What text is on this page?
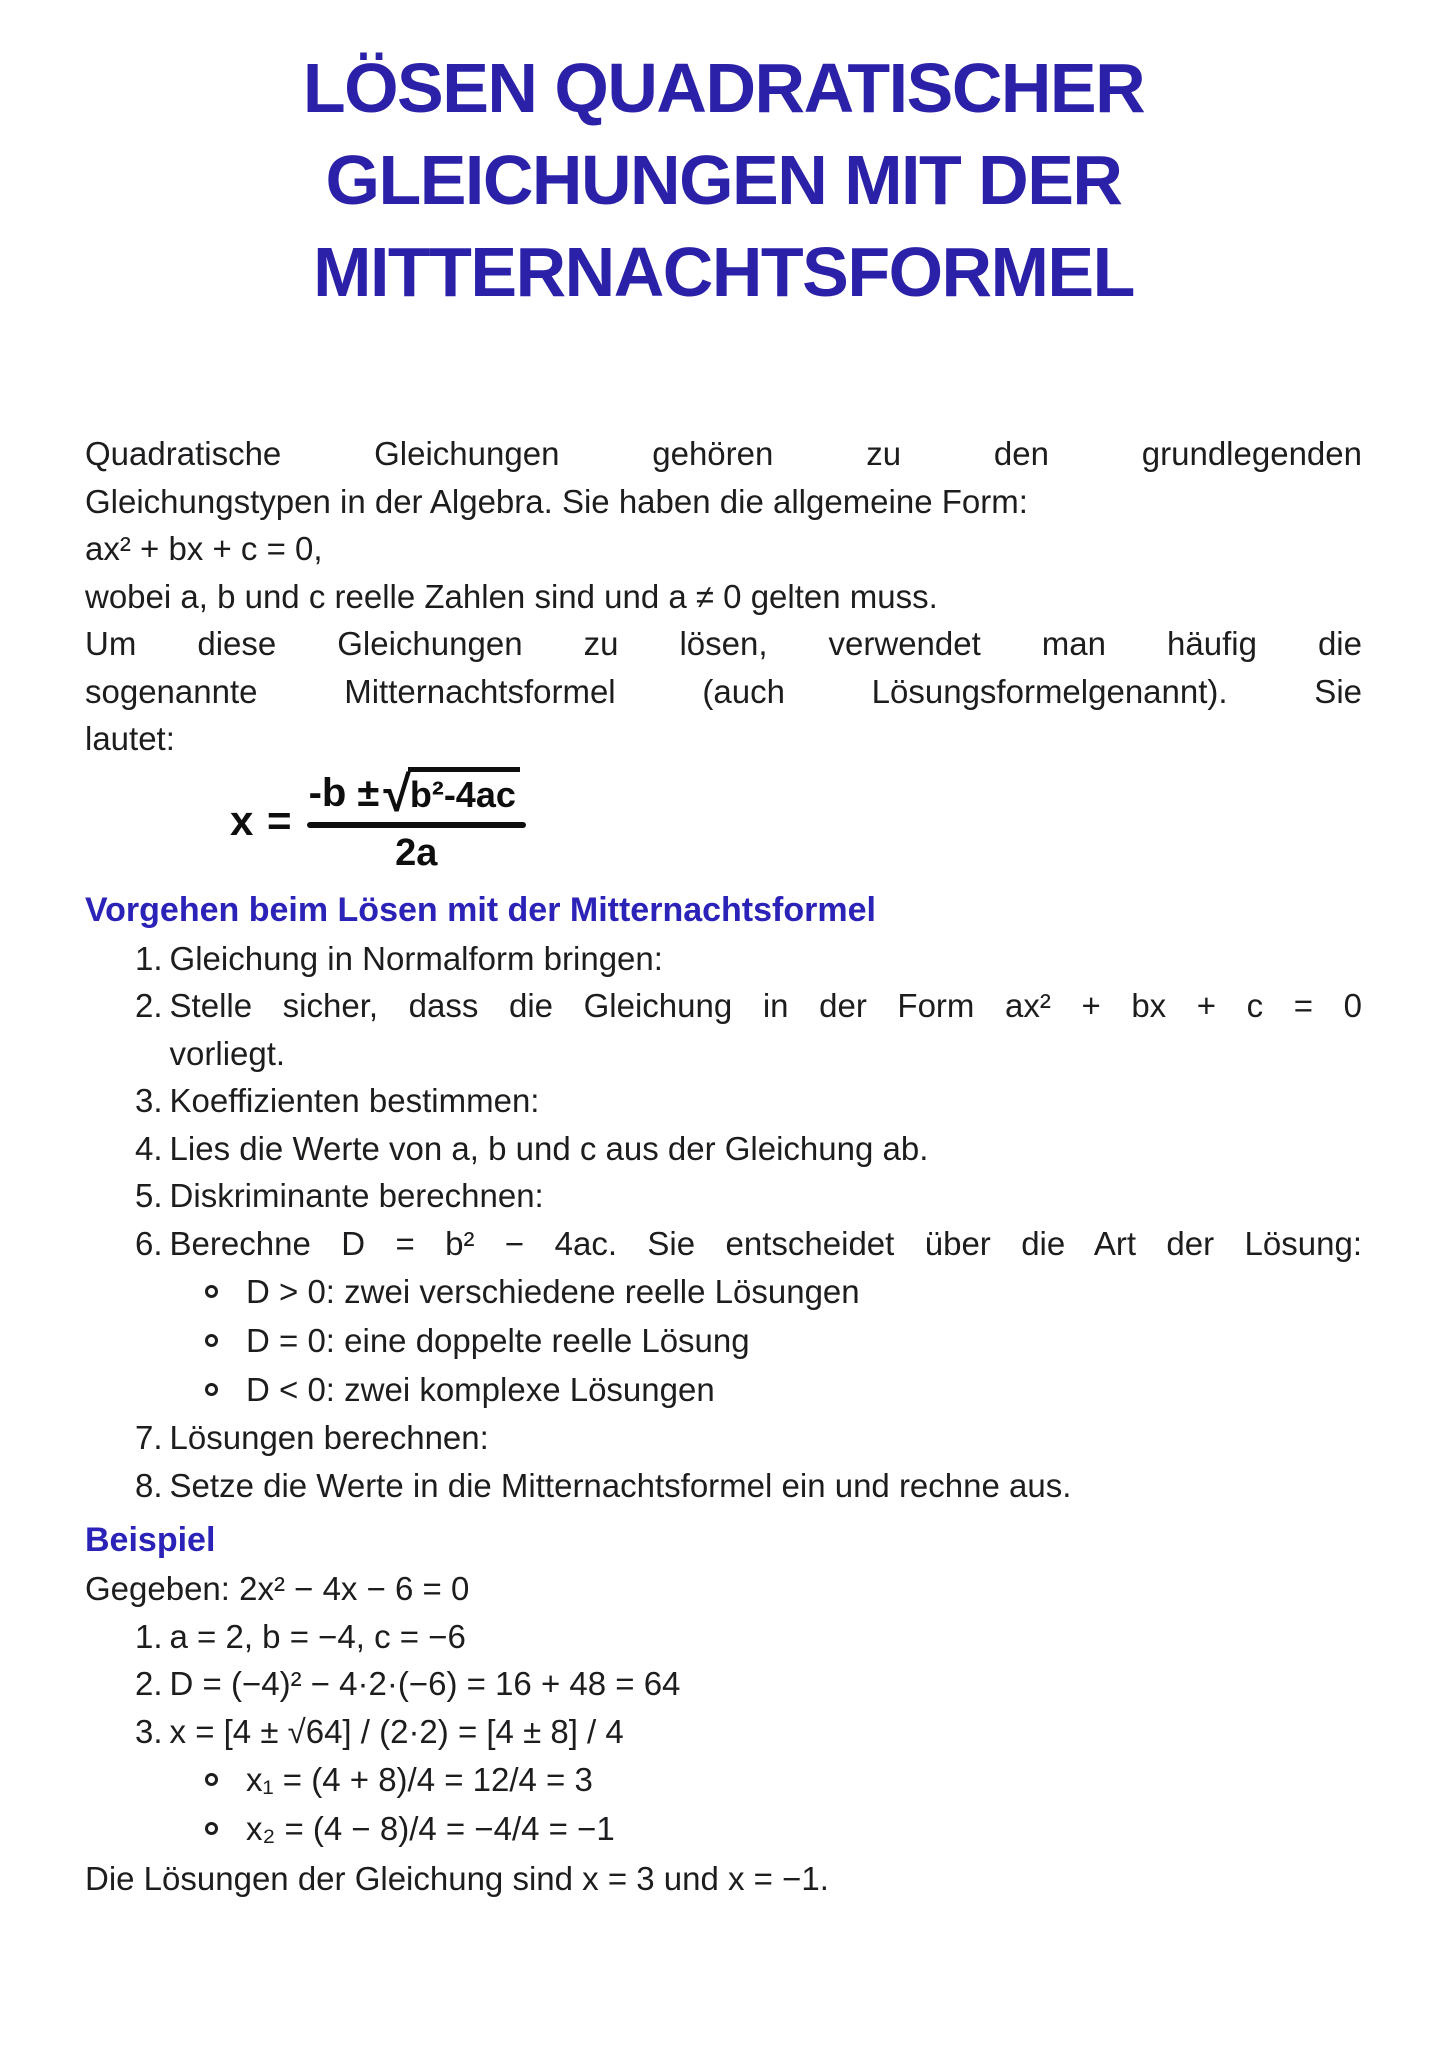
LÖSEN QUADRATISCHER
GLEICHUNGEN MIT DER
MITTERNACHTSFORMEL
Quadratische Gleichungen gehören zu den grundlegenden
Gleichungstypen in der Algebra. Sie haben die allgemeine Form:
ax² + bx + c = 0,
wobei a, b und c reelle Zahlen sind und a ≠ 0 gelten muss.
Um diese Gleichungen zu lösen, verwendet man häufig die
sogenannte Mitternachtsformel (auch Lösungsformelgenannt). Sie
lautet:
x =
-b ± √ b²-4ac
2a
Vorgehen beim Lösen mit der Mitternachtsformel
1. Gleichung in Normalform bringen:
2. Stelle sicher, dass die Gleichung in der Form ax² + bx + c = 0
vorliegt.
3. Koeffizienten bestimmen:
4. Lies die Werte von a, b und c aus der Gleichung ab.
5. Diskriminante berechnen:
6. Berechne D = b² − 4ac. Sie entscheidet über die Art der Lösung:
D > 0: zwei verschiedene reelle Lösungen
D = 0: eine doppelte reelle Lösung
D < 0: zwei komplexe Lösungen
7. Lösungen berechnen:
8. Setze die Werte in die Mitternachtsformel ein und rechne aus.
Beispiel
Gegeben: 2x² − 4x − 6 = 0
1. a = 2, b = −4, c = −6
2. D = (−4)² − 4·2·(−6) = 16 + 48 = 64
3. x = [4 ± √64] / (2·2) = [4 ± 8] / 4
x₁ = (4 + 8)/4 = 12/4 = 3
x₂ = (4 − 8)/4 = −4/4 = −1
Die Lösungen der Gleichung sind x = 3 und x = −1.
